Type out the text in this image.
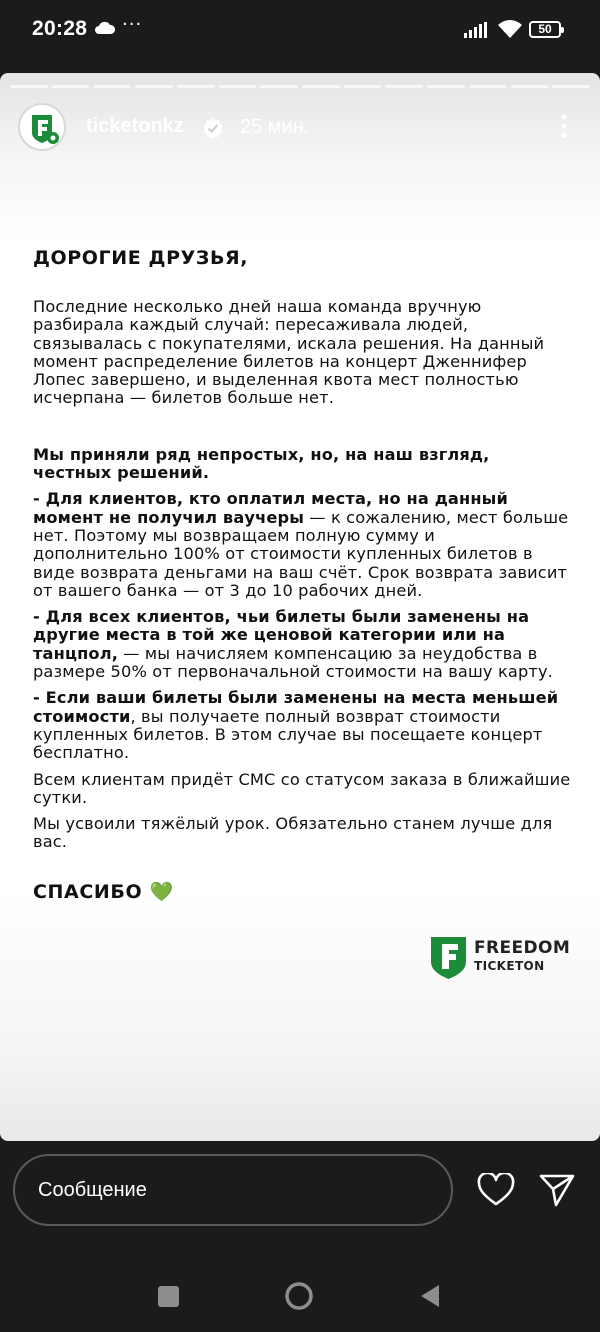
20:28 ···	50
ticketonkz	25 мин.

ДОРОГИЕ ДРУЗЬЯ,

Последние несколько дней наша команда вручную разбирала каждый случай: пересаживала людей, связывалась с покупателями, искала решения. На данный момент распределение билетов на концерт Дженнифер Лопес завершено, и выделенная квота мест полностью исчерпана — билетов больше нет.

Мы приняли ряд непростых, но, на наш взгляд, честных решений.

- Для клиентов, кто оплатил места, но на данный момент не получил ваучеры — к сожалению, мест больше нет. Поэтому мы возвращаем полную сумму и дополнительно 100% от стоимости купленных билетов в виде возврата деньгами на ваш счёт. Срок возврата зависит от вашего банка — от 3 до 10 рабочих дней.

- Для всех клиентов, чьи билеты были заменены на другие места в той же ценовой категории или на танцпол, — мы начисляем компенсацию за неудобства в размере 50% от первоначальной стоимости на вашу карту.

- Если ваши билеты были заменены на места меньшей стоимости, вы получаете полный возврат стоимости купленных билетов. В этом случае вы посещаете концерт бесплатно.

Всем клиентам придёт СМС со статусом заказа в ближайшие сутки.

Мы усвоили тяжёлый урок. Обязательно станем лучше для вас.

СПАСИБО 💚

FREEDOM
TICKETON
Сообщение
